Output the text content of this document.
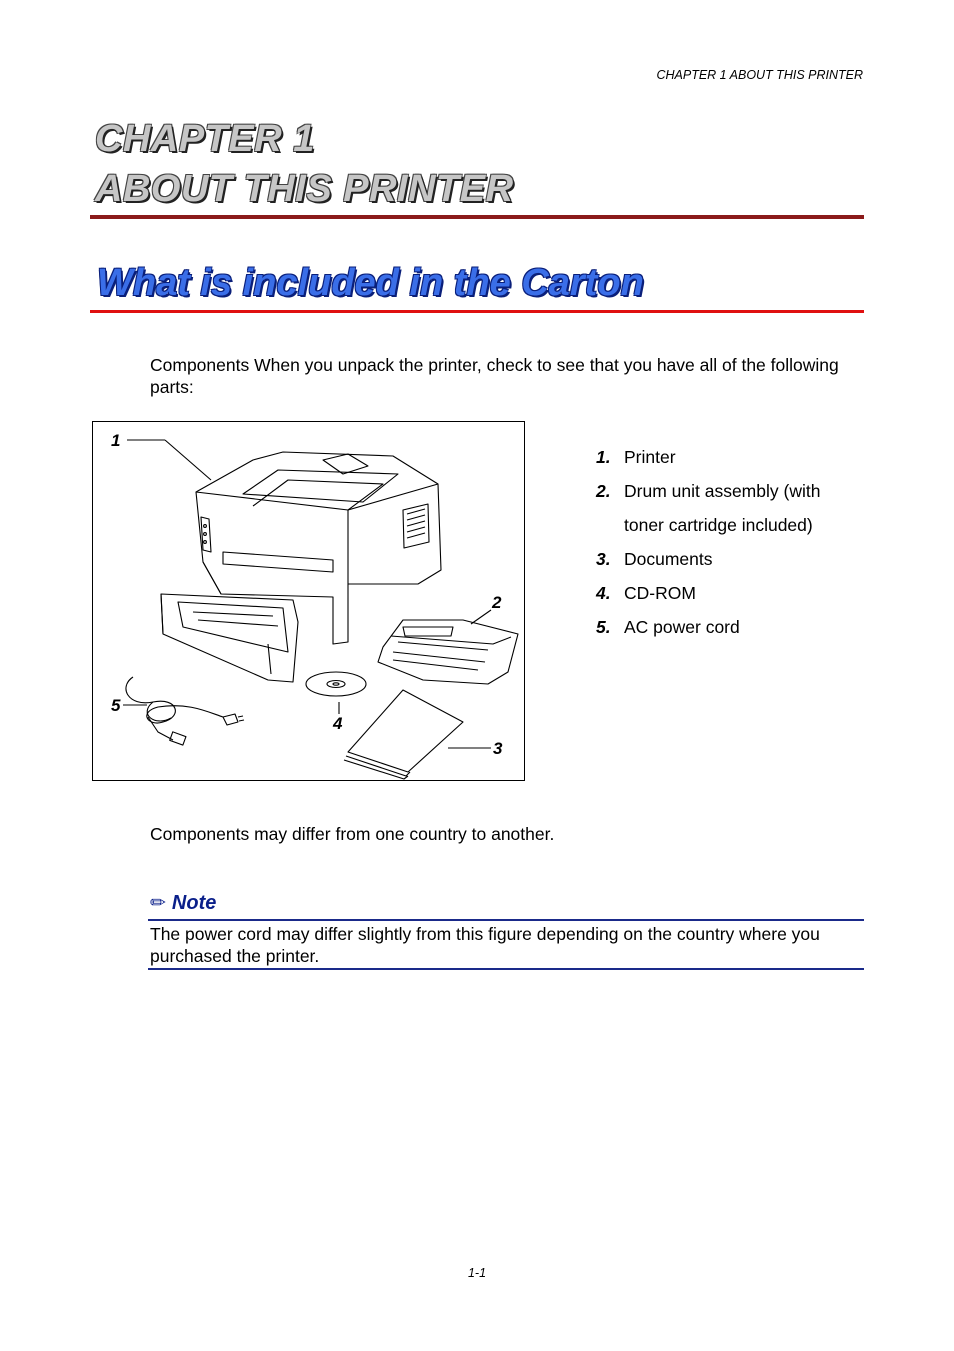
CHAPTER 1 ABOUT THIS PRINTER
CHAPTER 1
ABOUT THIS PRINTER
What is included in the Carton
Components When you unpack the printer, check to see that you have all of the following parts:
1
2
3
4
5
1. Printer
2. Drum unit assembly (with
toner cartridge included)
3. Documents
4. CD-ROM
5. AC power cord
Components may differ from one country to another.
✏ Note
The power cord may differ slightly from this figure depending on the country where you purchased the printer.
1-1
